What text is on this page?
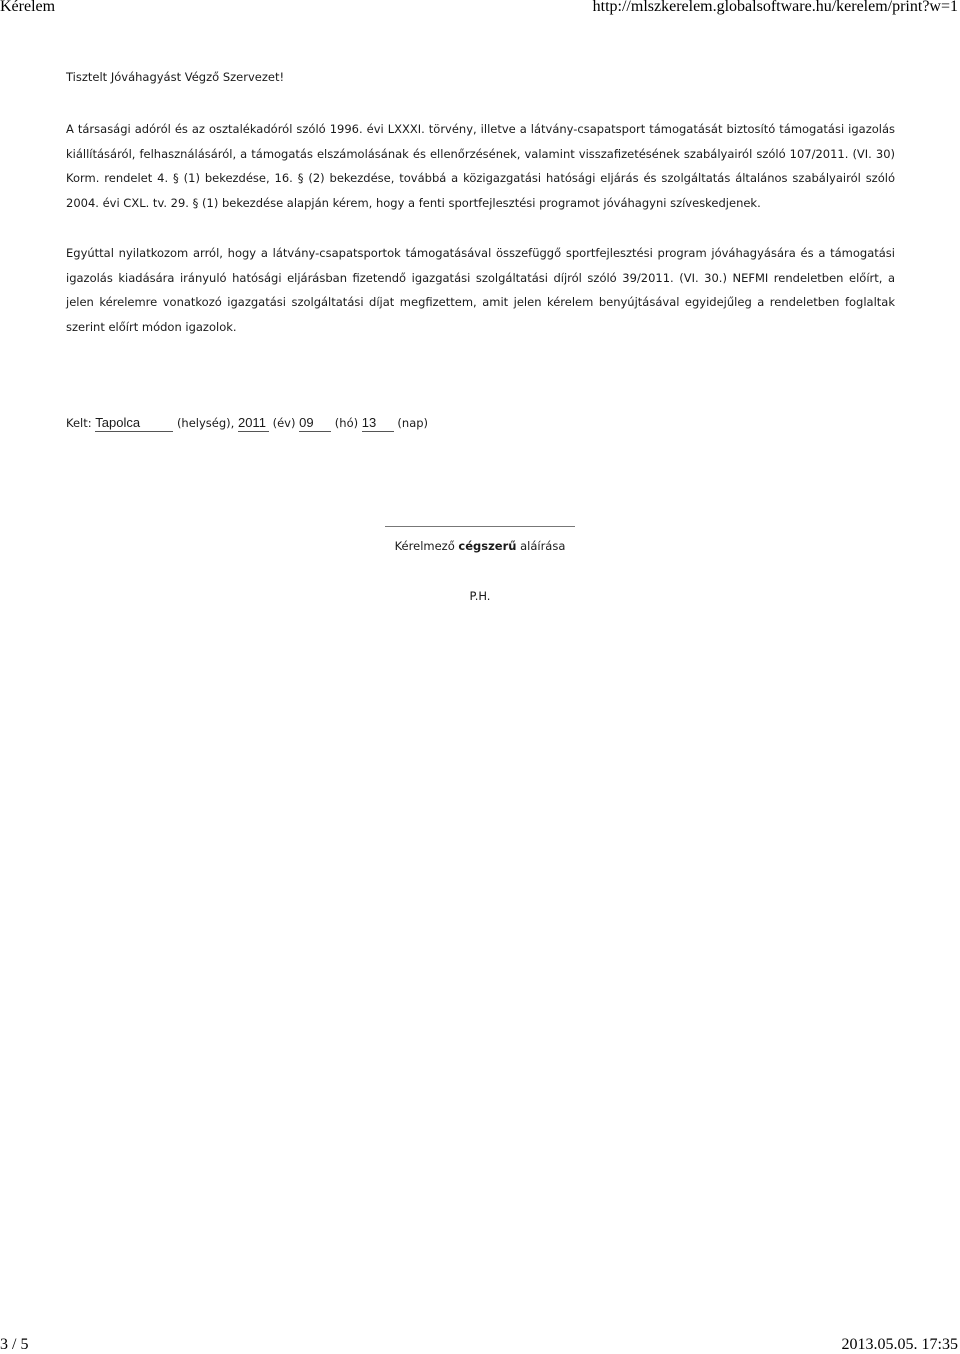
Kérelem	http://mlszkerelem.globalsoftware.hu/kerelem/print?w=1
Tisztelt Jóváhagyást Végző Szervezet!
A társasági adóról és az osztalékadóról szóló 1996. évi LXXXI. törvény, illetve a látvány-csapatsport támogatását biztosító támogatási igazolás kiállításáról, felhasználásáról, a támogatás elszámolásának és ellenőrzésének, valamint visszafizetésének szabályairól szóló 107/2011. (VI. 30) Korm. rendelet 4. § (1) bekezdése, 16. § (2) bekezdése, továbbá a közigazgatási hatósági eljárás és szolgáltatás általános szabályairól szóló 2004. évi CXL. tv. 29. § (1) bekezdése alapján kérem, hogy a fenti sportfejlesztési programot jóváhagyni szíveskedjenek.
Egyúttal nyilatkozom arról, hogy a látvány-csapatsportok támogatásával összefüggő sportfejlesztési program jóváhagyására és a támogatási igazolás kiadására irányuló hatósági eljárásban fizetendő igazgatási szolgáltatási díjról szóló 39/2011. (VI. 30.) NEFMI rendeletben előírt, a jelen kérelemre vonatkozó igazgatási szolgáltatási díjat megfizettem, amit jelen kérelem benyújtásával egyidejűleg a rendeletben foglaltak szerint előírt módon igazolok.
Kelt: Tapolca	(helység), 2011 (év) 09 (hó) 13 (nap)
Kérelmező cégszerű aláírása
P.H.
3 / 5	2013.05.05. 17:35
